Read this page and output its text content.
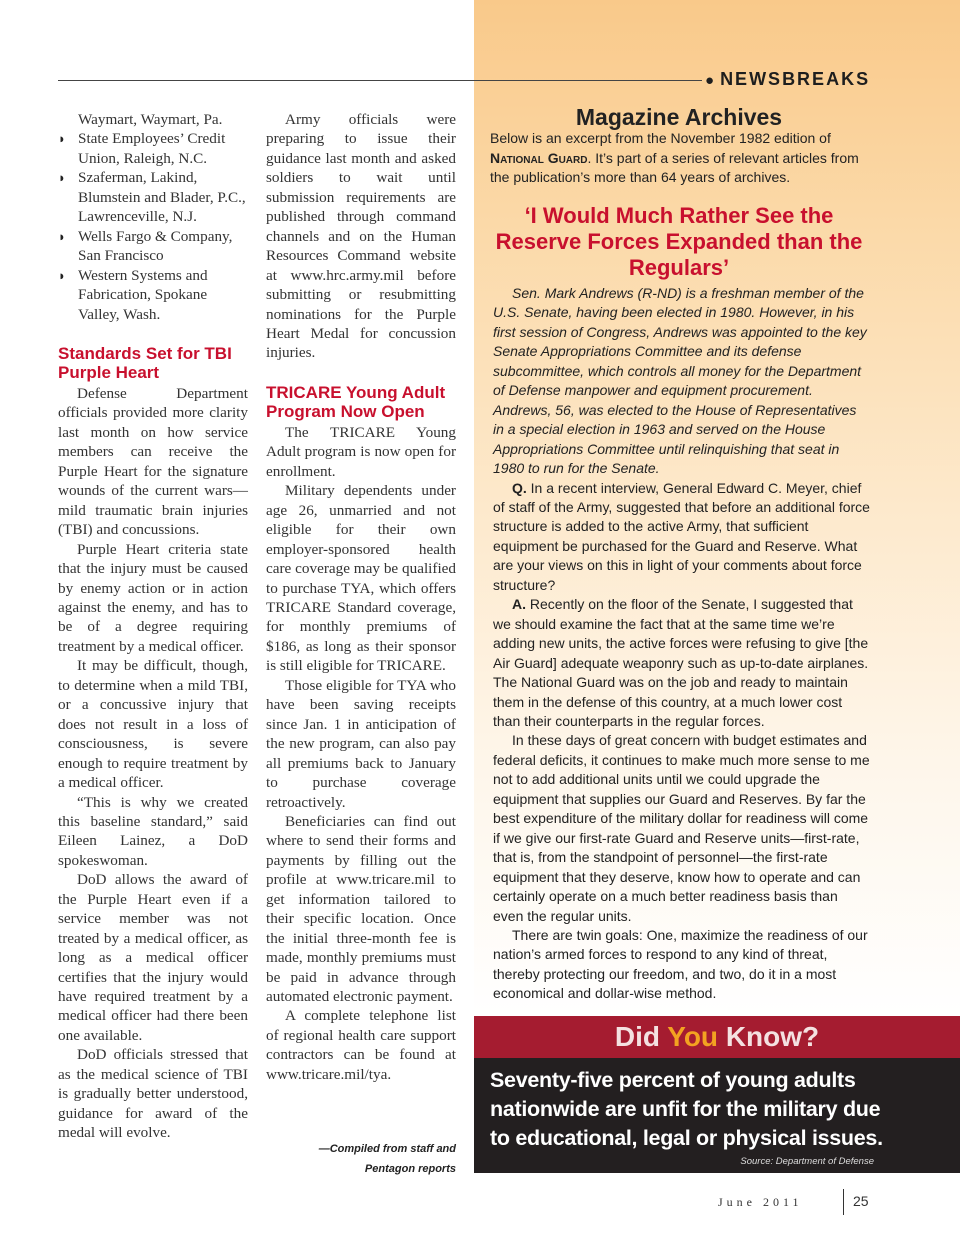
● NEWSBREAKS
Waymart, Waymart, Pa.
◗ State Employees’ Credit Union, Raleigh, N.C.
◗ Szaferman, Lakind, Blumstein and Blader, P.C., Lawrenceville, N.J.
◗ Wells Fargo & Company, San Francisco
◗ Western Systems and Fabrication, Spokane Valley, Wash.
Standards Set for TBI Purple Heart

Defense Department officials provided more clarity last month on how service members can receive the Purple Heart for the signature wounds of the current wars—mild traumatic brain injuries (TBI) and concussions.

Purple Heart criteria state that the injury must be caused by enemy action or in action against the enemy, and has to be of a degree requiring treatment by a medical officer.

It may be difficult, though, to determine when a mild TBI, or a concussive injury that does not result in a loss of consciousness, is severe enough to require treatment by a medical officer.

“This is why we created this baseline standard,” said Eileen Lainez, a DoD spokeswoman.

DoD allows the award of the Purple Heart even if a service member was not treated by a medical officer, as long as a medical officer certifies that the injury would have required treatment by a medical officer had there been one available.

DoD officials stressed that as the medical science of TBI is gradually better understood, guidance for award of the medal will evolve.

Army officials were preparing to issue their guidance last month and asked soldiers to wait until submission requirements are published through command channels and on the Human Resources Command website at www.hrc.army.mil before submitting or resubmitting nominations for the Purple Heart Medal for concussion injuries.

TRICARE Young Adult Program Now Open

The TRICARE Young Adult program is now open for enrollment.

Military dependents under age 26, unmarried and not eligible for their own employer-sponsored health care coverage may be qualified to purchase TYA, which offers TRICARE Standard coverage, for monthly premiums of $186, as long as their sponsor is still eligible for TRICARE.

Those eligible for TYA who have been saving receipts since Jan. 1 in anticipation of the new program, can also pay all premiums back to January to purchase coverage retroactively.

Beneficiaries can find out where to send their forms and payments by filling out the profile at www.tricare.mil to get information tailored to their specific location. Once the initial three-month fee is made, monthly premiums must be paid in advance through automated electronic payment.

A complete telephone list of regional health care support contractors can be found at www.tricare.mil/tya.

—Compiled from staff and Pentagon reports
Magazine Archives
Below is an excerpt from the November 1982 edition of National Guard. It’s part of a series of relevant articles from the publication’s more than 64 years of archives.
‘I Would Much Rather See the Reserve Forces Expanded than the Regulars’

Sen. Mark Andrews (R-ND) is a freshman member of the U.S. Senate, having been elected in 1980. However, in his first session of Congress, Andrews was appointed to the key Senate Appropriations Committee and its defense subcommittee, which controls all money for the Department of Defense manpower and equipment procurement. Andrews, 56, was elected to the House of Representatives in a special election in 1963 and served on the House Appropriations Committee until relinquishing that seat in 1980 to run for the Senate.

Q. In a recent interview, General Edward C. Meyer, chief of staff of the Army, suggested that before an additional force structure is added to the active Army, that sufficient equipment be purchased for the Guard and Reserve. What are your views on this in light of your comments about force structure?

A. Recently on the floor of the Senate, I suggested that we should examine the fact that at the same time we’re adding new units, the active forces were refusing to give [the Air Guard] adequate weaponry such as up-to-date airplanes. The National Guard was on the job and ready to maintain them in the defense of this country, at a much lower cost than their counterparts in the regular forces.

In these days of great concern with budget estimates and federal deficits, it continues to make much more sense to me not to add additional units until we could upgrade the equipment that supplies our Guard and Reserves. By far the best expenditure of the military dollar for readiness will come if we give our first-rate Guard and Reserve units—first-rate, that is, from the standpoint of personnel—the first-rate equipment that they deserve, know how to operate and can certainly operate on a much better readiness basis than even the regular units.

There are twin goals: One, maximize the readiness of our nation’s armed forces to respond to any kind of threat, thereby protecting our freedom, and two, do it in a most economical and dollar-wise method.

Did You Know?
Seventy-five percent of young adults nationwide are unfit for the military due to educational, legal or physical issues.
Source: Department of Defense
June 2011	25
